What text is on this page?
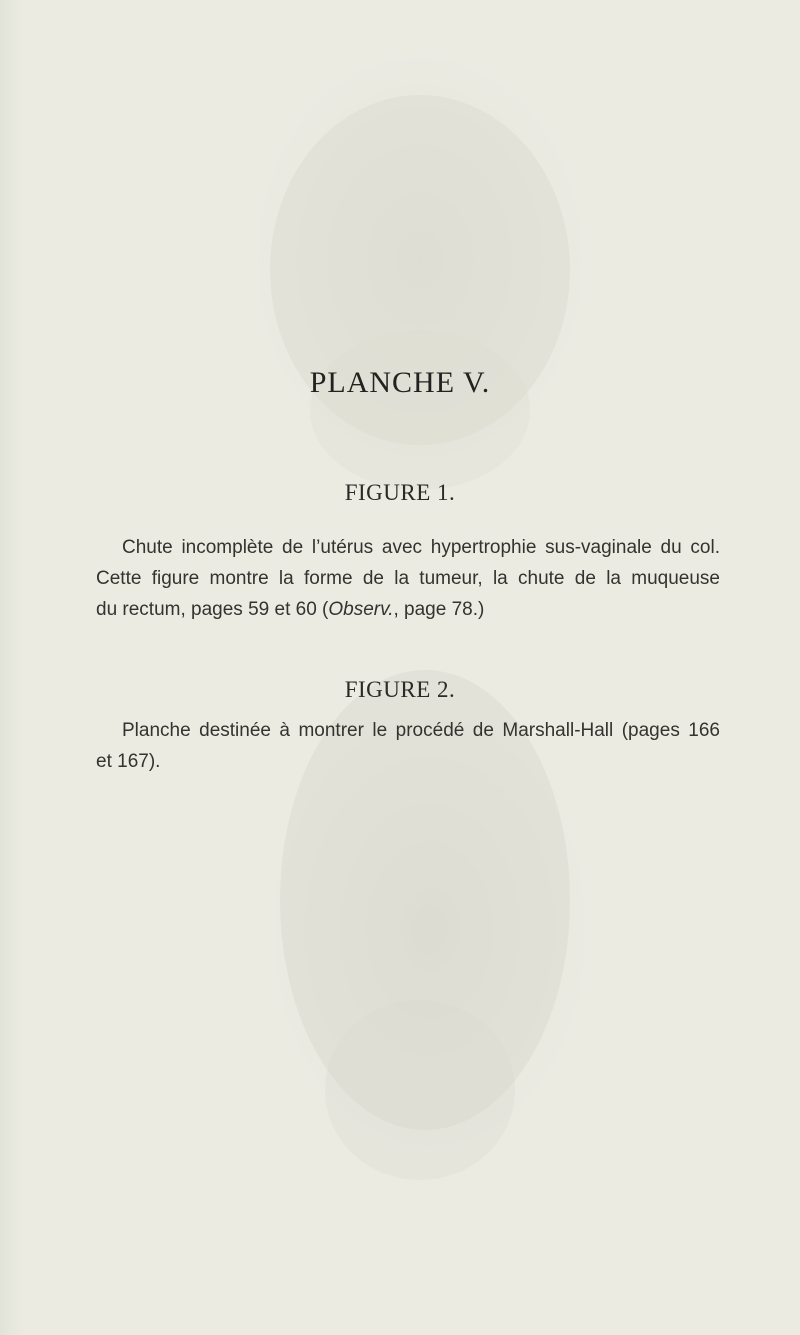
PLANCHE V.
FIGURE 1.
Chute incomplète de l’utérus avec hypertrophie sus-vaginale du col.
Cette figure montre la forme de la tumeur, la chute de la muqueuse
du rectum, pages 59 et 60 (Observ., page 78.)
FIGURE 2.
Planche destinée à montrer le procédé de Marshall-Hall (pages 166
et 167).
